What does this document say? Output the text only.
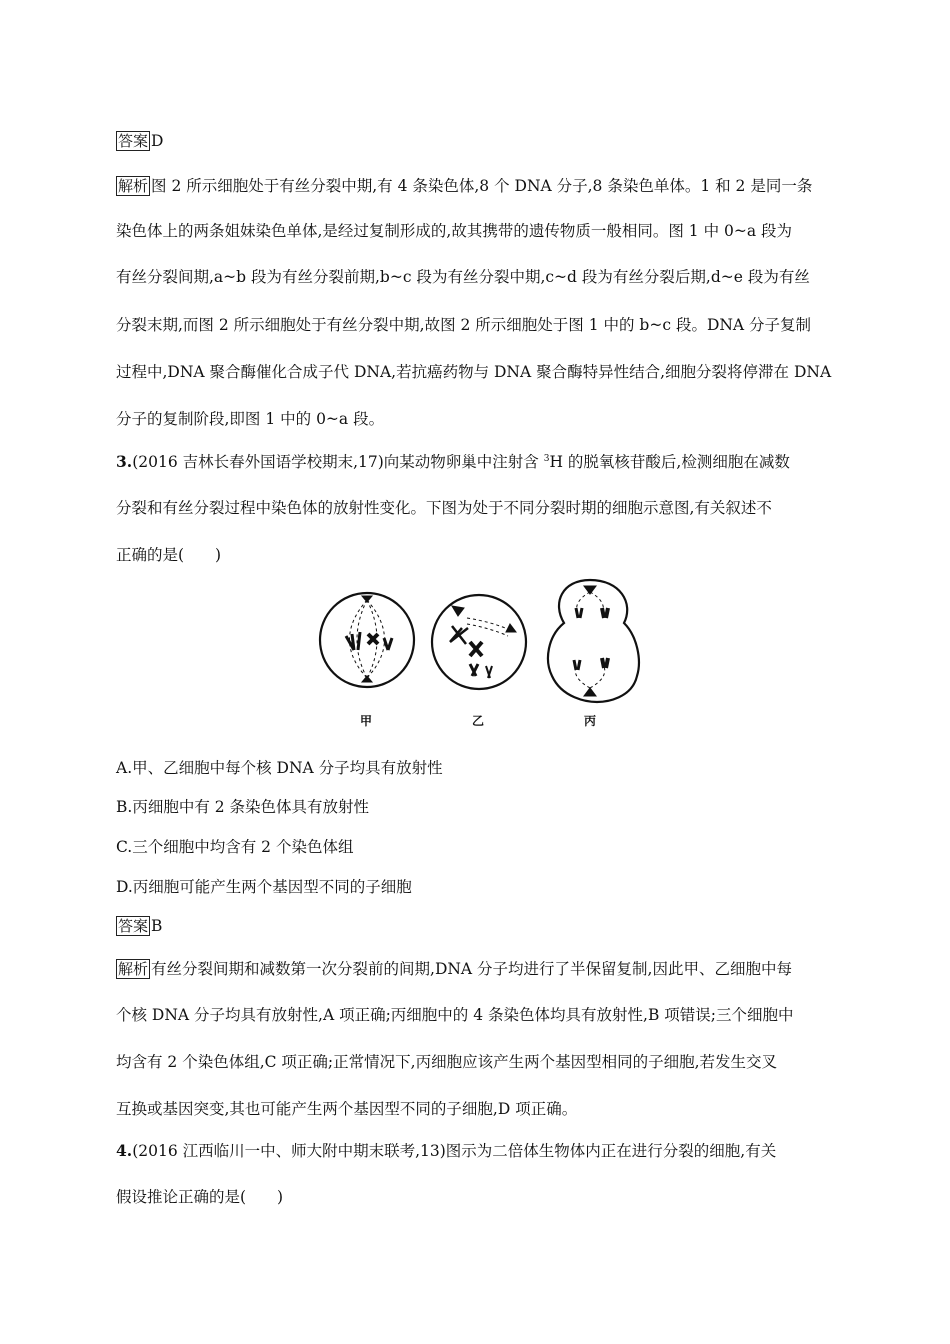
答案 D
解析 图 2 所示细胞处于有丝分裂中期,有 4 条染色体,8 个 DNA 分子,8 条染色单体。1 和 2 是同一条
染色体上的两条姐妹染色单体,是经过复制形成的,故其携带的遗传物质一般相同。图 1 中 0~a 段为
有丝分裂间期,a~b 段为有丝分裂前期,b~c 段为有丝分裂中期,c~d 段为有丝分裂后期,d~e 段为有丝
分裂末期,而图 2 所示细胞处于有丝分裂中期,故图 2 所示细胞处于图 1 中的 b~c 段。DNA 分子复制
过程中,DNA 聚合酶催化合成子代 DNA,若抗癌药物与 DNA 聚合酶特异性结合,细胞分裂将停滞在 DNA
分子的复制阶段,即图 1 中的 0~a 段。
3.(2016 吉林长春外国语学校期末,17)向某动物卵巢中注射含 $^3$H 的脱氧核苷酸后,检测细胞在减数
分裂和有丝分裂过程中染色体的放射性变化。下图为处于不同分裂时期的细胞示意图,有关叙述不
正确的是(　　)
甲	乙	丙
A.甲、乙细胞中每个核 DNA 分子均具有放射性
B.丙细胞中有 2 条染色体具有放射性
C.三个细胞中均含有 2 个染色体组
D.丙细胞可能产生两个基因型不同的子细胞
答案 B
解析 有丝分裂间期和减数第一次分裂前的间期,DNA 分子均进行了半保留复制,因此甲、乙细胞中每
个核 DNA 分子均具有放射性,A 项正确;丙细胞中的 4 条染色体均具有放射性,B 项错误;三个细胞中
均含有 2 个染色体组,C 项正确;正常情况下,丙细胞应该产生两个基因型相同的子细胞,若发生交叉
互换或基因突变,其也可能产生两个基因型不同的子细胞,D 项正确。
4.(2016 江西临川一中、师大附中期末联考,13)图示为二倍体生物体内正在进行分裂的细胞,有关
假设推论正确的是(　　)
